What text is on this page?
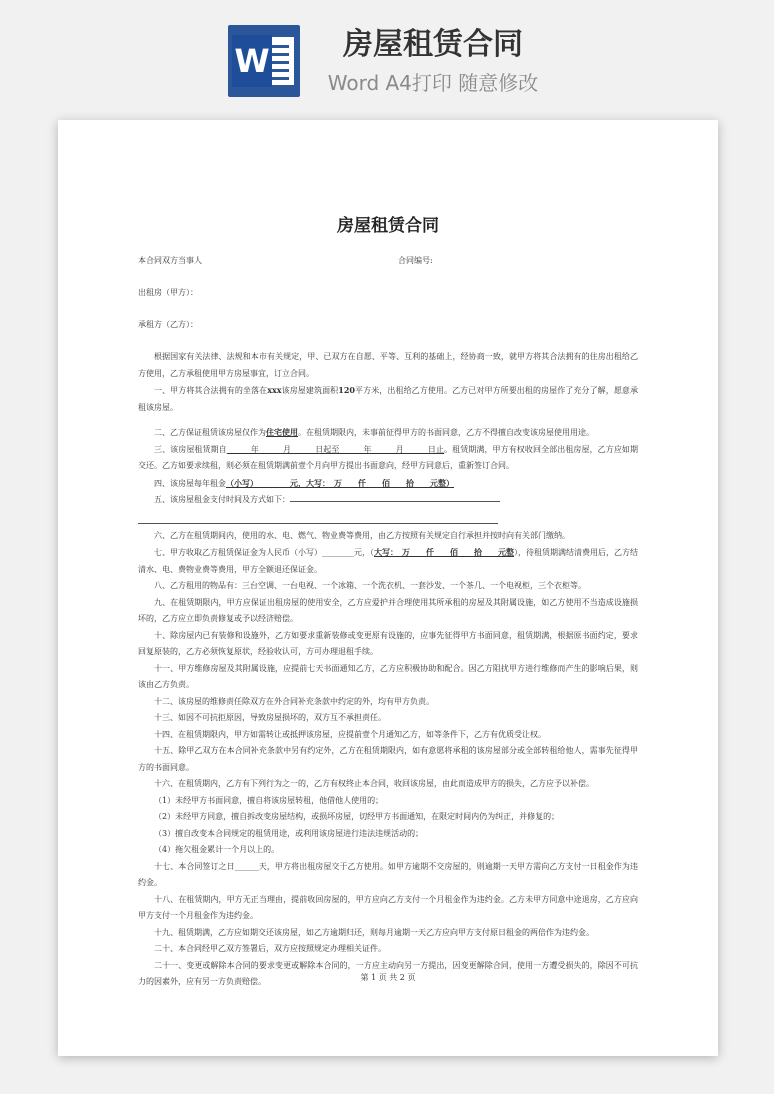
W	房屋租赁合同
Word A4打印 随意修改
房屋租赁合同
本合同双方当事人	合同编号:
出租房（甲方）：
承租方（乙方）：

根据国家有关法律、法规和本市有关规定，甲、已双方在自愿、平等、互利的基础上，经协商一致，就甲方将其合法拥有的住房出租给乙方使用，乙方承租使用甲方房屋事宜，订立合同。

一、甲方将其合法拥有的坐落在xxx该房屋建筑面积120平方米，出租给乙方使用。乙方已对甲方所要出租的房屋作了充分了解，愿意承租该房屋。

二、乙方保证租赁该房屋仅作为住宅使用。在租赁期限内，未事前征得甲方的书面同意，乙方不得擅自改变该房屋使用用途。

三、该房屋租赁期自______年______月______日起至______年______月______日止。租赁期满，甲方有权收回全部出租房屋，乙方应如期交还。乙方如要求续租，则必须在租赁期满前壹个月向甲方提出书面意向，经甲方同意后，重新签订合同。

四、该房屋每年租金（小写）________元，大写：　万　　仟　　佰　　拾　　元整）

五、该房屋租金支付时间及方式如下：

六、乙方在租赁期间内，使用的水、电、燃气、物业费等费用，由乙方按照有关规定自行承担并按时向有关部门缴纳。

七、甲方收取乙方租赁保证金为人民币（小写）________元，（大写：　万　　仟　　佰　　拾　　元整），待租赁期满结清费用后，乙方结清水、电、费物业费等费用，甲方全额退还保证金。

八、乙方租用的物品有：三台空调、一台电视、一个冰箱、一个洗衣机、一套沙发、一个茶几、一个电视柜，三个衣柜等。

九、在租赁期限内，甲方应保证出租房屋的使用安全，乙方应爱护并合理使用其所承租的房屋及其附属设施，如乙方使用不当造成设施损坏的，乙方应立即负责修复或予以经济赔偿。

十、除房屋内已有装修和设施外，乙方如要求重新装修或变更原有设施的，应事先征得甲方书面同意，租赁期满，根据原书面约定，要求回复原装的，乙方必须恢复原状，经验收认可，方可办理退租手续。

十一、甲方维修房屋及其附属设施，应提前七天书面通知乙方，乙方应积极协助和配合。因乙方阻扰甲方进行维修而产生的影响后果，则该由乙方负责。

十二、该房屋的维修责任除双方在外合同补充条款中约定的外，均有甲方负责。

十三、如因不可抗拒原因，导致房屋损坏的，双方互不承担责任。

十四、在租赁期限内，甲方如需转让或抵押该房屋，应提前壹个月通知乙方，如等条件下，乙方有优质受让权。

十五、除甲乙双方在本合同补充条款中另有约定外，乙方在租赁期限内，如有意愿将承租的该房屋部分或全部转租给他人，需事先征得甲方的书面同意。

十六、在租赁期内，乙方有下列行为之一的，乙方有权终止本合同，收回该房屋，由此而造成甲方的损失，乙方应予以补偿。

（1）未经甲方书面同意，擅自将该房屋转租，他借他人使用的；

（2）未经甲方同意，擅自拆改变房屋结构，或损坏房屋，切经甲方书面通知，在限定时间内仍为纠正，并修复的；

（3）擅自改变本合同规定的租赁用途，或利用该房屋进行违法违规活动的；

（4）拖欠租金累计一个月以上的。

十七、本合同签订之日______天，甲方将出租房屋交于乙方使用。如甲方逾期不交房屋的，则逾期一天甲方需向乙方支付一日租金作为违约金。

十八、在租赁期内，甲方无正当理由，提前收回房屋的，甲方应向乙方支付一个月租金作为违约金。乙方未甲方同意中途退房，乙方应向甲方支付一个月租金作为违约金。

十九、租赁期满，乙方应如期交还该房屋，如乙方逾期归还，则每月逾期一天乙方应向甲方支付原日租金的两倍作为违约金。

二十、本合同经甲乙双方签署后，双方应按照规定办理相关证件。

二十一、变更或解除本合同的要求变更或解除本合同的，一方应主动向另一方提出，因变更解除合同，使用一方遭受损失的，除因不可抗力的因素外，应有另一方负责赔偿。	第 1 页 共 2 页
